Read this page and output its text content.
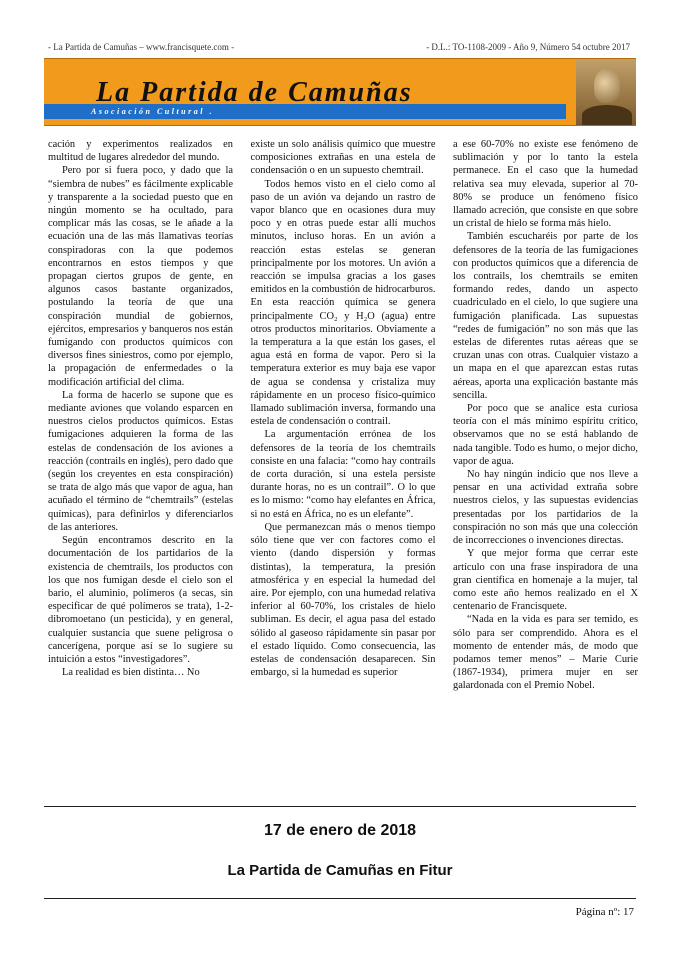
- La Partida de Camuñas – www.francisquete.com -	- D.L.: TO-1108-2009 - Año 9, Número 54 octubre 2017
La Partida de Camuñas
Asociación Cultural .

cación y experimentos realizados en multitud de lugares alrededor del mundo.

Pero por si fuera poco, y dado que la “siembra de nubes” es fácilmente explicable y transparente a la sociedad puesto que en ningún momento se ha ocultado, para complicar más las cosas, se le añade a la ecuación una de las más llamativas teorías conspiradoras con la que podemos encontrarnos en estos tiempos y que propagan ciertos grupos de gente, en algunos casos bastante organizados, postulando la teoría de que una conspiración mundial de gobiernos, ejércitos, empresarios y banqueros nos están fumigando con productos químicos con diversos fines siniestros, como por ejemplo, la propagación de enfermedades o la modificación artificial del clima.

La forma de hacerlo se supone que es mediante aviones que volando esparcen en nuestros cielos productos químicos. Estas fumigaciones adquieren la forma de las estelas de condensación de los aviones a reacción (contrails en inglés), pero dado que (según los creyentes en esta conspiración) se trata de algo más que vapor de agua, han acuñado el término de “chemtrails” (estelas químicas), para definirlos y diferenciarlos de las anteriores.

Según encontramos descrito en la documentación de los partidarios de la existencia de chemtrails, los productos con los que nos fumigan desde el cielo son el bario, el aluminio, polímeros (a secas, sin especificar de qué polímeros se trata), 1-2-dibromoetano (un pesticida), y en general, cualquier sustancia que suene peligrosa o cancerígena, porque así se lo sugiere su intuición a estos “investigadores”.

La realidad es bien distinta… No

existe un solo análisis químico que muestre composiciones extrañas en una estela de condensación o en un supuesto chemtrail.

Todos hemos visto en el cielo como al paso de un avión va dejando un rastro de vapor blanco que en ocasiones dura muy poco y en otras puede estar allí muchos minutos, incluso horas. En un avión a reacción estas estelas se generan principalmente por los motores. Un avión a reacción se impulsa gracias a los gases emitidos en la combustión de hidrocarburos. En esta reacción química se genera principalmente CO₂ y H₂O (agua) entre otros productos minoritarios. Obviamente a la temperatura a la que están los gases, el agua está en forma de vapor. Pero si la temperatura exterior es muy baja ese vapor de agua se condensa y cristaliza muy rápidamente en un proceso físico-químico llamado sublimación inversa, formando una estela de condensación o contrail.

La argumentación errónea de los defensores de la teoría de los chemtrails consiste en una falacia: “como hay contrails de corta duración, si una estela persiste durante horas, no es un contrail”. O lo que es lo mismo: “como hay elefantes en África, si no está en África, no es un elefante”.

Que permanezcan más o menos tiempo sólo tiene que ver con factores como el viento (dando dispersión y formas distintas), la temperatura, la presión atmosférica y en especial la humedad del aire. Por ejemplo, con una humedad relativa inferior al 60-70%, los cristales de hielo subliman. Es decir, el agua pasa del estado sólido al gaseoso rápidamente sin pasar por el estado líquido. Como consecuencia, las estelas de condensación desaparecen. Sin embargo, si la humedad es superior

a ese 60-70% no existe ese fenómeno de sublimación y por lo tanto la estela permanece. En el caso que la humedad relativa sea muy elevada, superior al 70-80% se produce un fenómeno físico llamado acreción, que consiste en que sobre un cristal de hielo se forma más hielo.

También escucharéis por parte de los defensores de la teoría de las fumigaciones con productos químicos que a diferencia de los contrails, los chemtrails se emiten formando redes, dando un aspecto cuadriculado en el cielo, lo que sugiere una fumigación planificada. Las supuestas “redes de fumigación” no son más que las estelas de diferentes rutas aéreas que se cruzan unas con otras. Cualquier vistazo a un mapa en el que aparezcan estas rutas aéreas, aporta una explicación bastante más sencilla.

Por poco que se analice esta curiosa teoría con el más mínimo espíritu crítico, observamos que no se está hablando de nada tangible. Todo es humo, o mejor dicho, vapor de agua.

No hay ningún indicio que nos lleve a pensar en una actividad extraña sobre nuestros cielos, y las supuestas evidencias presentadas por los partidarios de la conspiración no son más que una colección de incorrecciones o invenciones directas.

Y que mejor forma que cerrar este artículo con una frase inspiradora de una gran científica en homenaje a la mujer, tal como este año hemos realizado en el X centenario de Francisquete.

“Nada en la vida es para ser temido, es sólo para ser comprendido. Ahora es el momento de entender más, de modo que podamos temer menos” – Marie Curie (1867-1934), primera mujer en ser galardonada con el Premio Nobel.

17 de enero de 2018
La Partida de Camuñas en Fitur
Página nº: 17
